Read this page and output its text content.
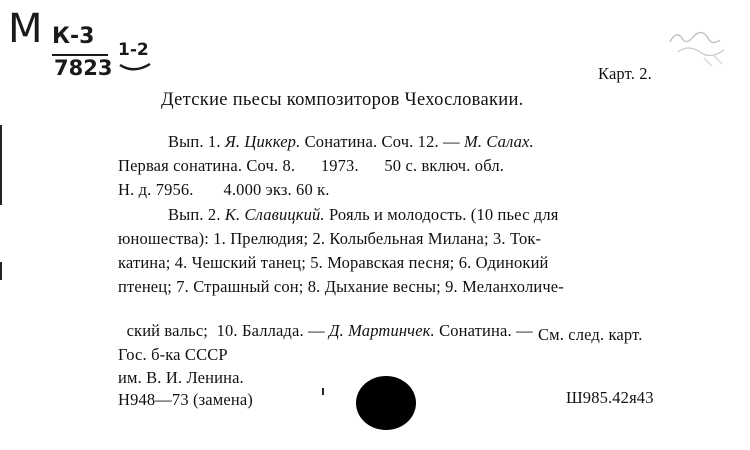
М К-3
7823
1-2
Карт. 2.
Детские пьесы композиторов Чехословакии.
Вып. 1. Я. Циккер. Сонатина. Соч. 12. — М. Салах.
Первая сонатина. Соч. 8.      1973.      50 с. включ. обл.
Н. д. 7956.       4.000 экз. 60 к.
Вып. 2. К. Славицкий. Рояль и молодость. (10 пьес для
юношества): 1. Прелюдия; 2. Колыбельная Милана; 3. Ток-
катина; 4. Чешский танец; 5. Моравская песня; 6. Одинокий
птенец; 7. Страшный сон; 8. Дыхание весны; 9. Меланхоличе-

ский вальс;  10. Баллада. — Д. Мартинчек. Сонатина. — См. след. карт.
Гос. б-ка СССР
им. В. И. Ленина.
Н948—73 (замена)	Ш985.42я43
